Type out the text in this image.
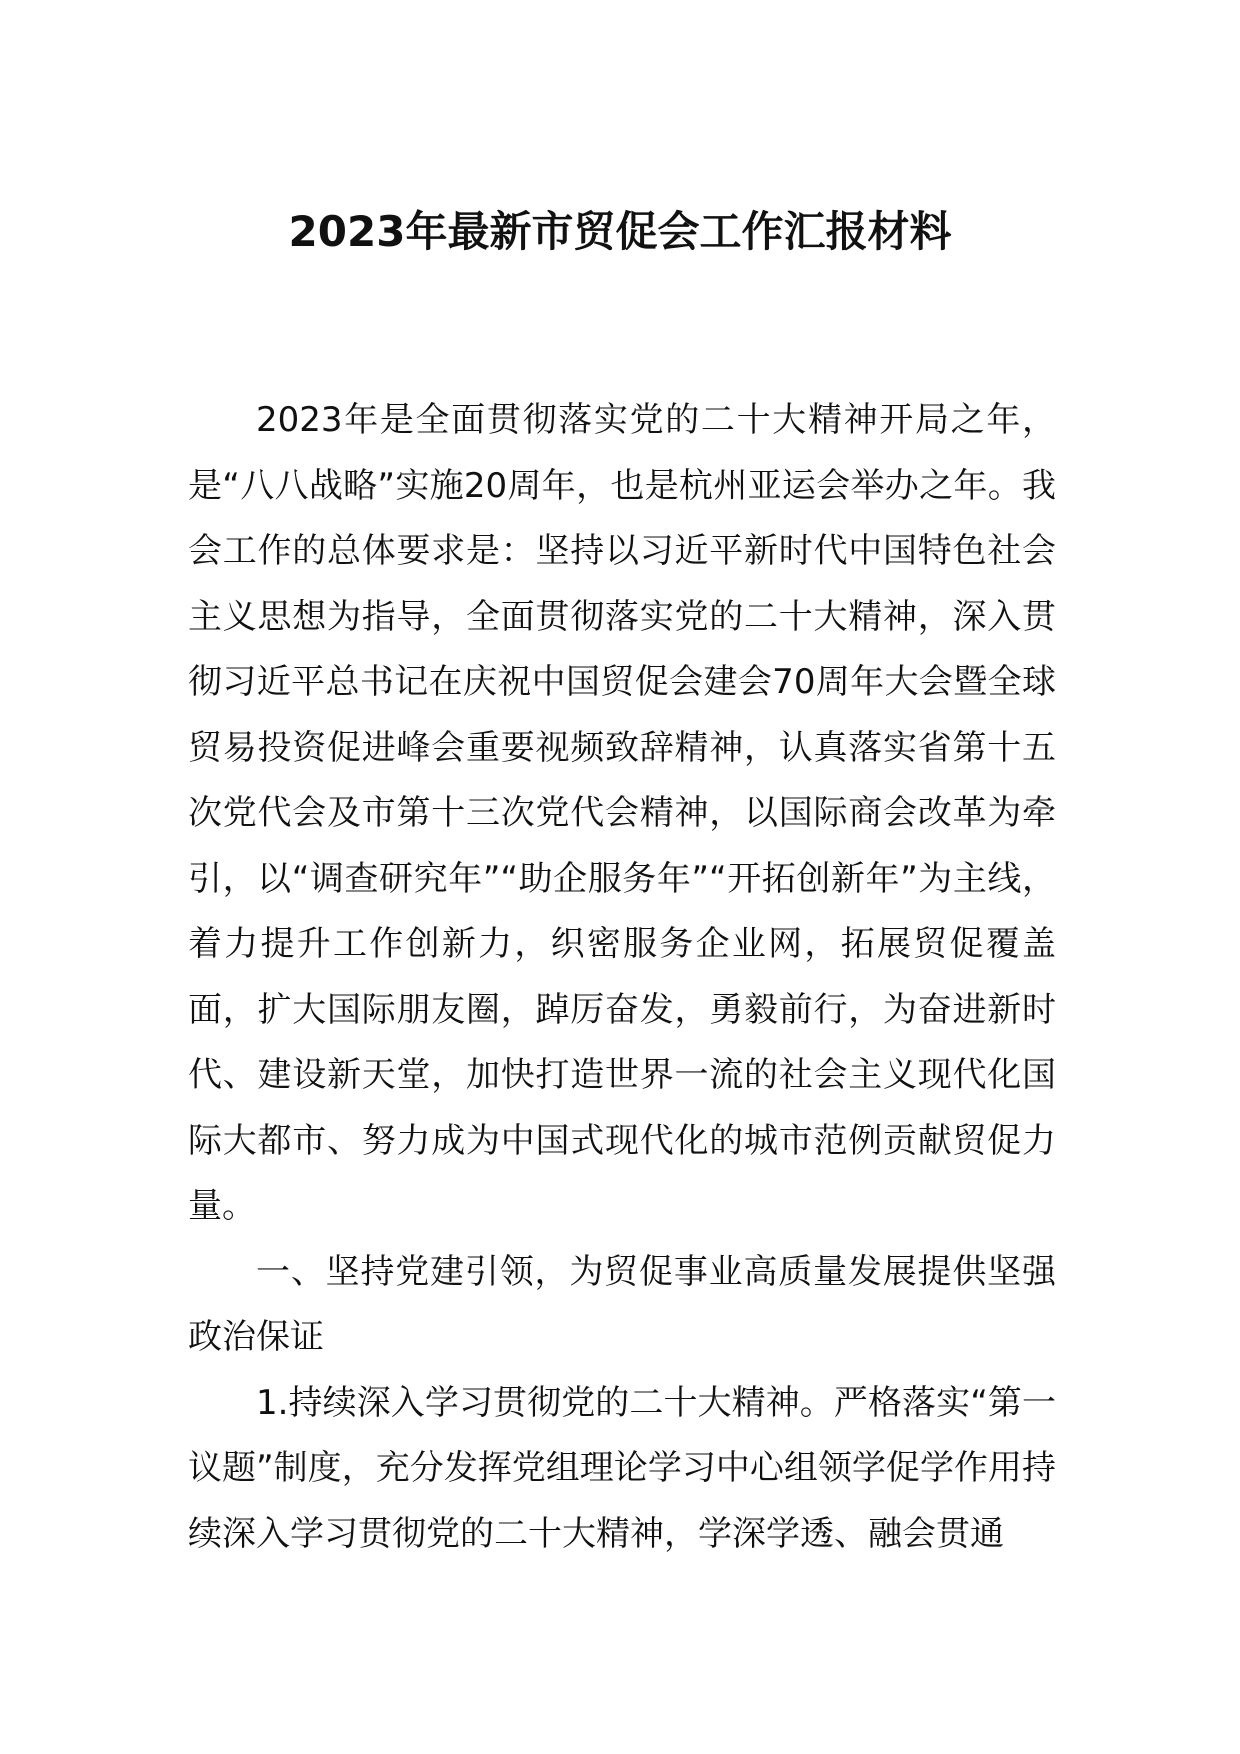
2023年最新市贸促会工作汇报材料

2023年是全面贯彻落实党的二十大精神开局之年，是“八八战略”实施20周年，也是杭州亚运会举办之年。我会工作的总体要求是：坚持以习近平新时代中国特色社会主义思想为指导，全面贯彻落实党的二十大精神，深入贯彻习近平总书记在庆祝中国贸促会建会70周年大会暨全球贸易投资促进峰会重要视频致辞精神，认真落实省第十五次党代会及市第十三次党代会精神，以国际商会改革为牵引，以“调查研究年”“助企服务年”“开拓创新年”为主线，着力提升工作创新力，织密服务企业网，拓展贸促覆盖面，扩大国际朋友圈，踔厉奋发，勇毅前行，为奋进新时代、建设新天堂，加快打造世界一流的社会主义现代化国际大都市、努力成为中国式现代化的城市范例贡献贸促力量。

一、坚持党建引领，为贸促事业高质量发展提供坚强政治保证

1.持续深入学习贯彻党的二十大精神。严格落实“第一议题”制度，充分发挥党组理论学习中心组领学促学作用持续深入学习贯彻党的二十大精神，学深学透、融会贯通
